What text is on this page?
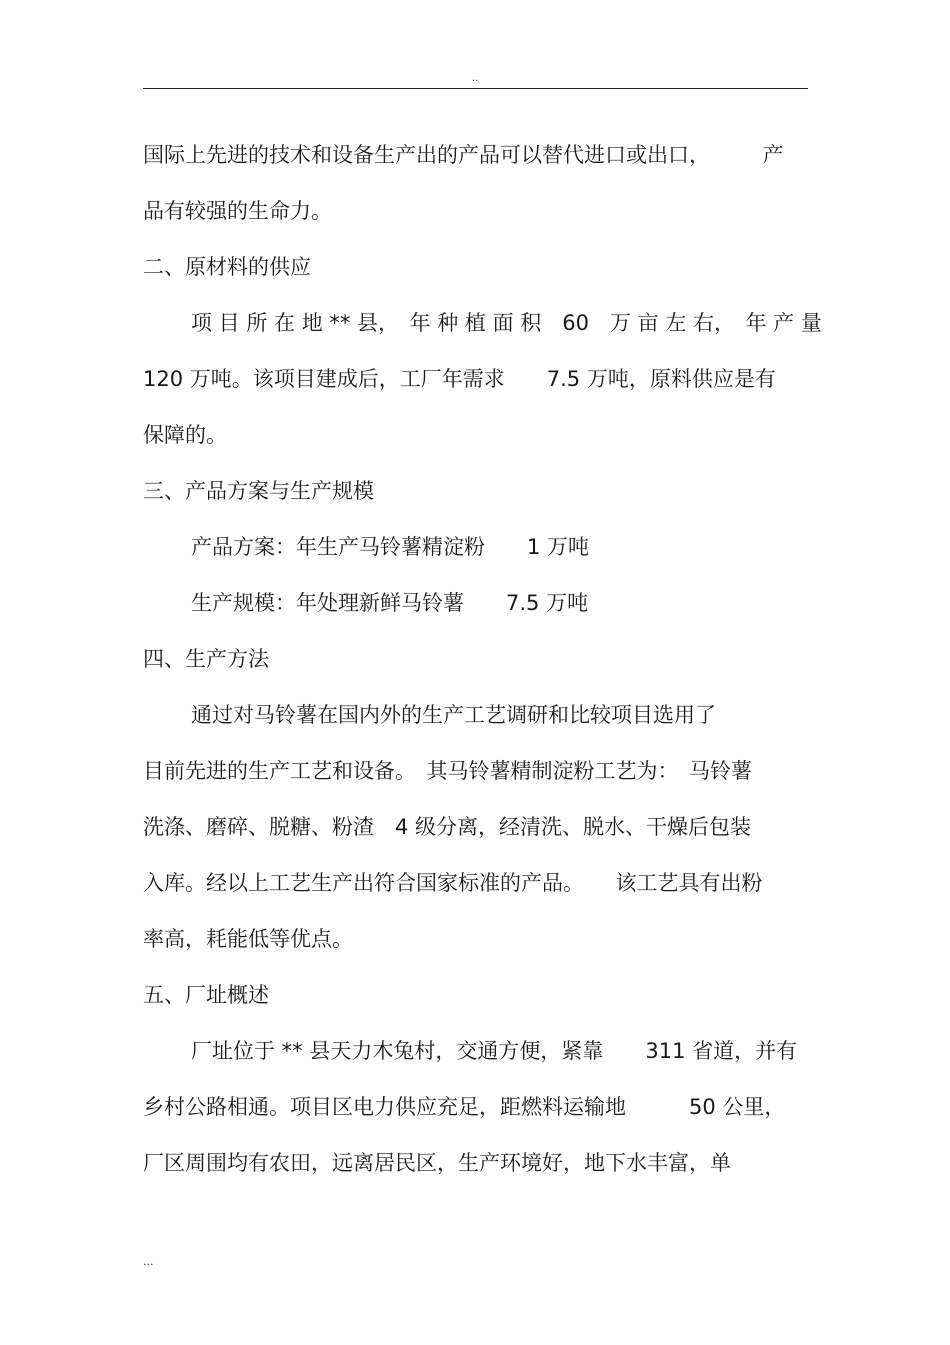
..
国际上先进的技术和设备生产出的产品可以替代进口或出口，　　　产
品有较强的生命力。
二、原材料的供应
项 目 所 在 地 ** 县，　年 种 植 面 积　60　万 亩 左 右，　年 产 量
120 万吨。该项目建成后，工厂年需求　　7.5 万吨，原料供应是有
保障的。
三、产品方案与生产规模
产品方案：年生产马铃薯精淀粉　　1 万吨
生产规模：年处理新鲜马铃薯　　7.5 万吨
四、生产方法
通过对马铃薯在国内外的生产工艺调研和比较项目选用了
目前先进的生产工艺和设备。　其马铃薯精制淀粉工艺为：　马铃薯
洗涤、磨碎、脱糖、粉渣　4 级分离，经清洗、脱水、干燥后包装
入库。经以上工艺生产出符合国家标准的产品。　　该工艺具有出粉
率高，耗能低等优点。
五、厂址概述
厂址位于 ** 县天力木兔村，交通方便，紧靠　　311 省道，并有
乡村公路相通。项目区电力供应充足，距燃料运输地　　　50 公里，
厂区周围均有农田，远离居民区，生产环境好，地下水丰富，单
...
